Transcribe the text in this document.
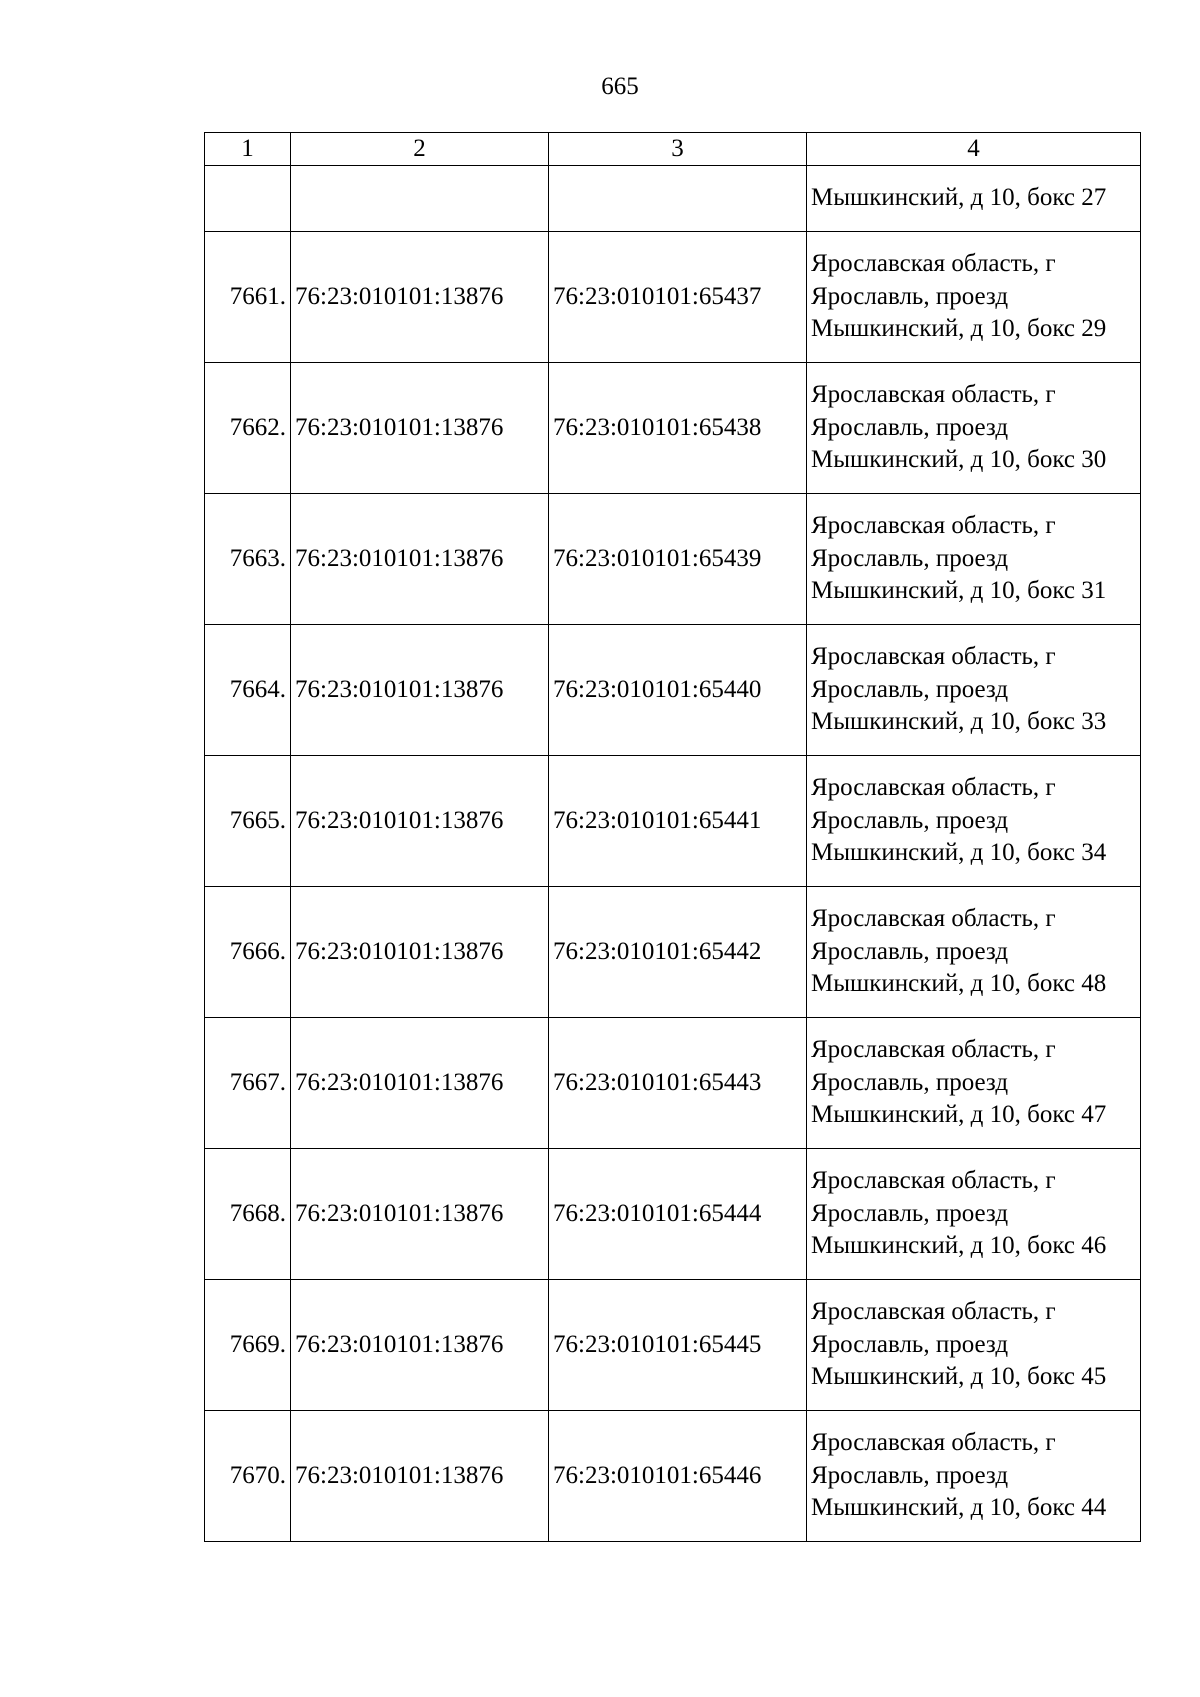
665
1	2	3	4
			Мышкинский, д 10, бокс 27
7661.	76:23:010101:13876	76:23:010101:65437	Ярославская область, г Ярославль, проезд Мышкинский, д 10, бокс 29
7662.	76:23:010101:13876	76:23:010101:65438	Ярославская область, г Ярославль, проезд Мышкинский, д 10, бокс 30
7663.	76:23:010101:13876	76:23:010101:65439	Ярославская область, г Ярославль, проезд Мышкинский, д 10, бокс 31
7664.	76:23:010101:13876	76:23:010101:65440	Ярославская область, г Ярославль, проезд Мышкинский, д 10, бокс 33
7665.	76:23:010101:13876	76:23:010101:65441	Ярославская область, г Ярославль, проезд Мышкинский, д 10, бокс 34
7666.	76:23:010101:13876	76:23:010101:65442	Ярославская область, г Ярославль, проезд Мышкинский, д 10, бокс 48
7667.	76:23:010101:13876	76:23:010101:65443	Ярославская область, г Ярославль, проезд Мышкинский, д 10, бокс 47
7668.	76:23:010101:13876	76:23:010101:65444	Ярославская область, г Ярославль, проезд Мышкинский, д 10, бокс 46
7669.	76:23:010101:13876	76:23:010101:65445	Ярославская область, г Ярославль, проезд Мышкинский, д 10, бокс 45
7670.	76:23:010101:13876	76:23:010101:65446	Ярославская область, г Ярославль, проезд Мышкинский, д 10, бокс 44
